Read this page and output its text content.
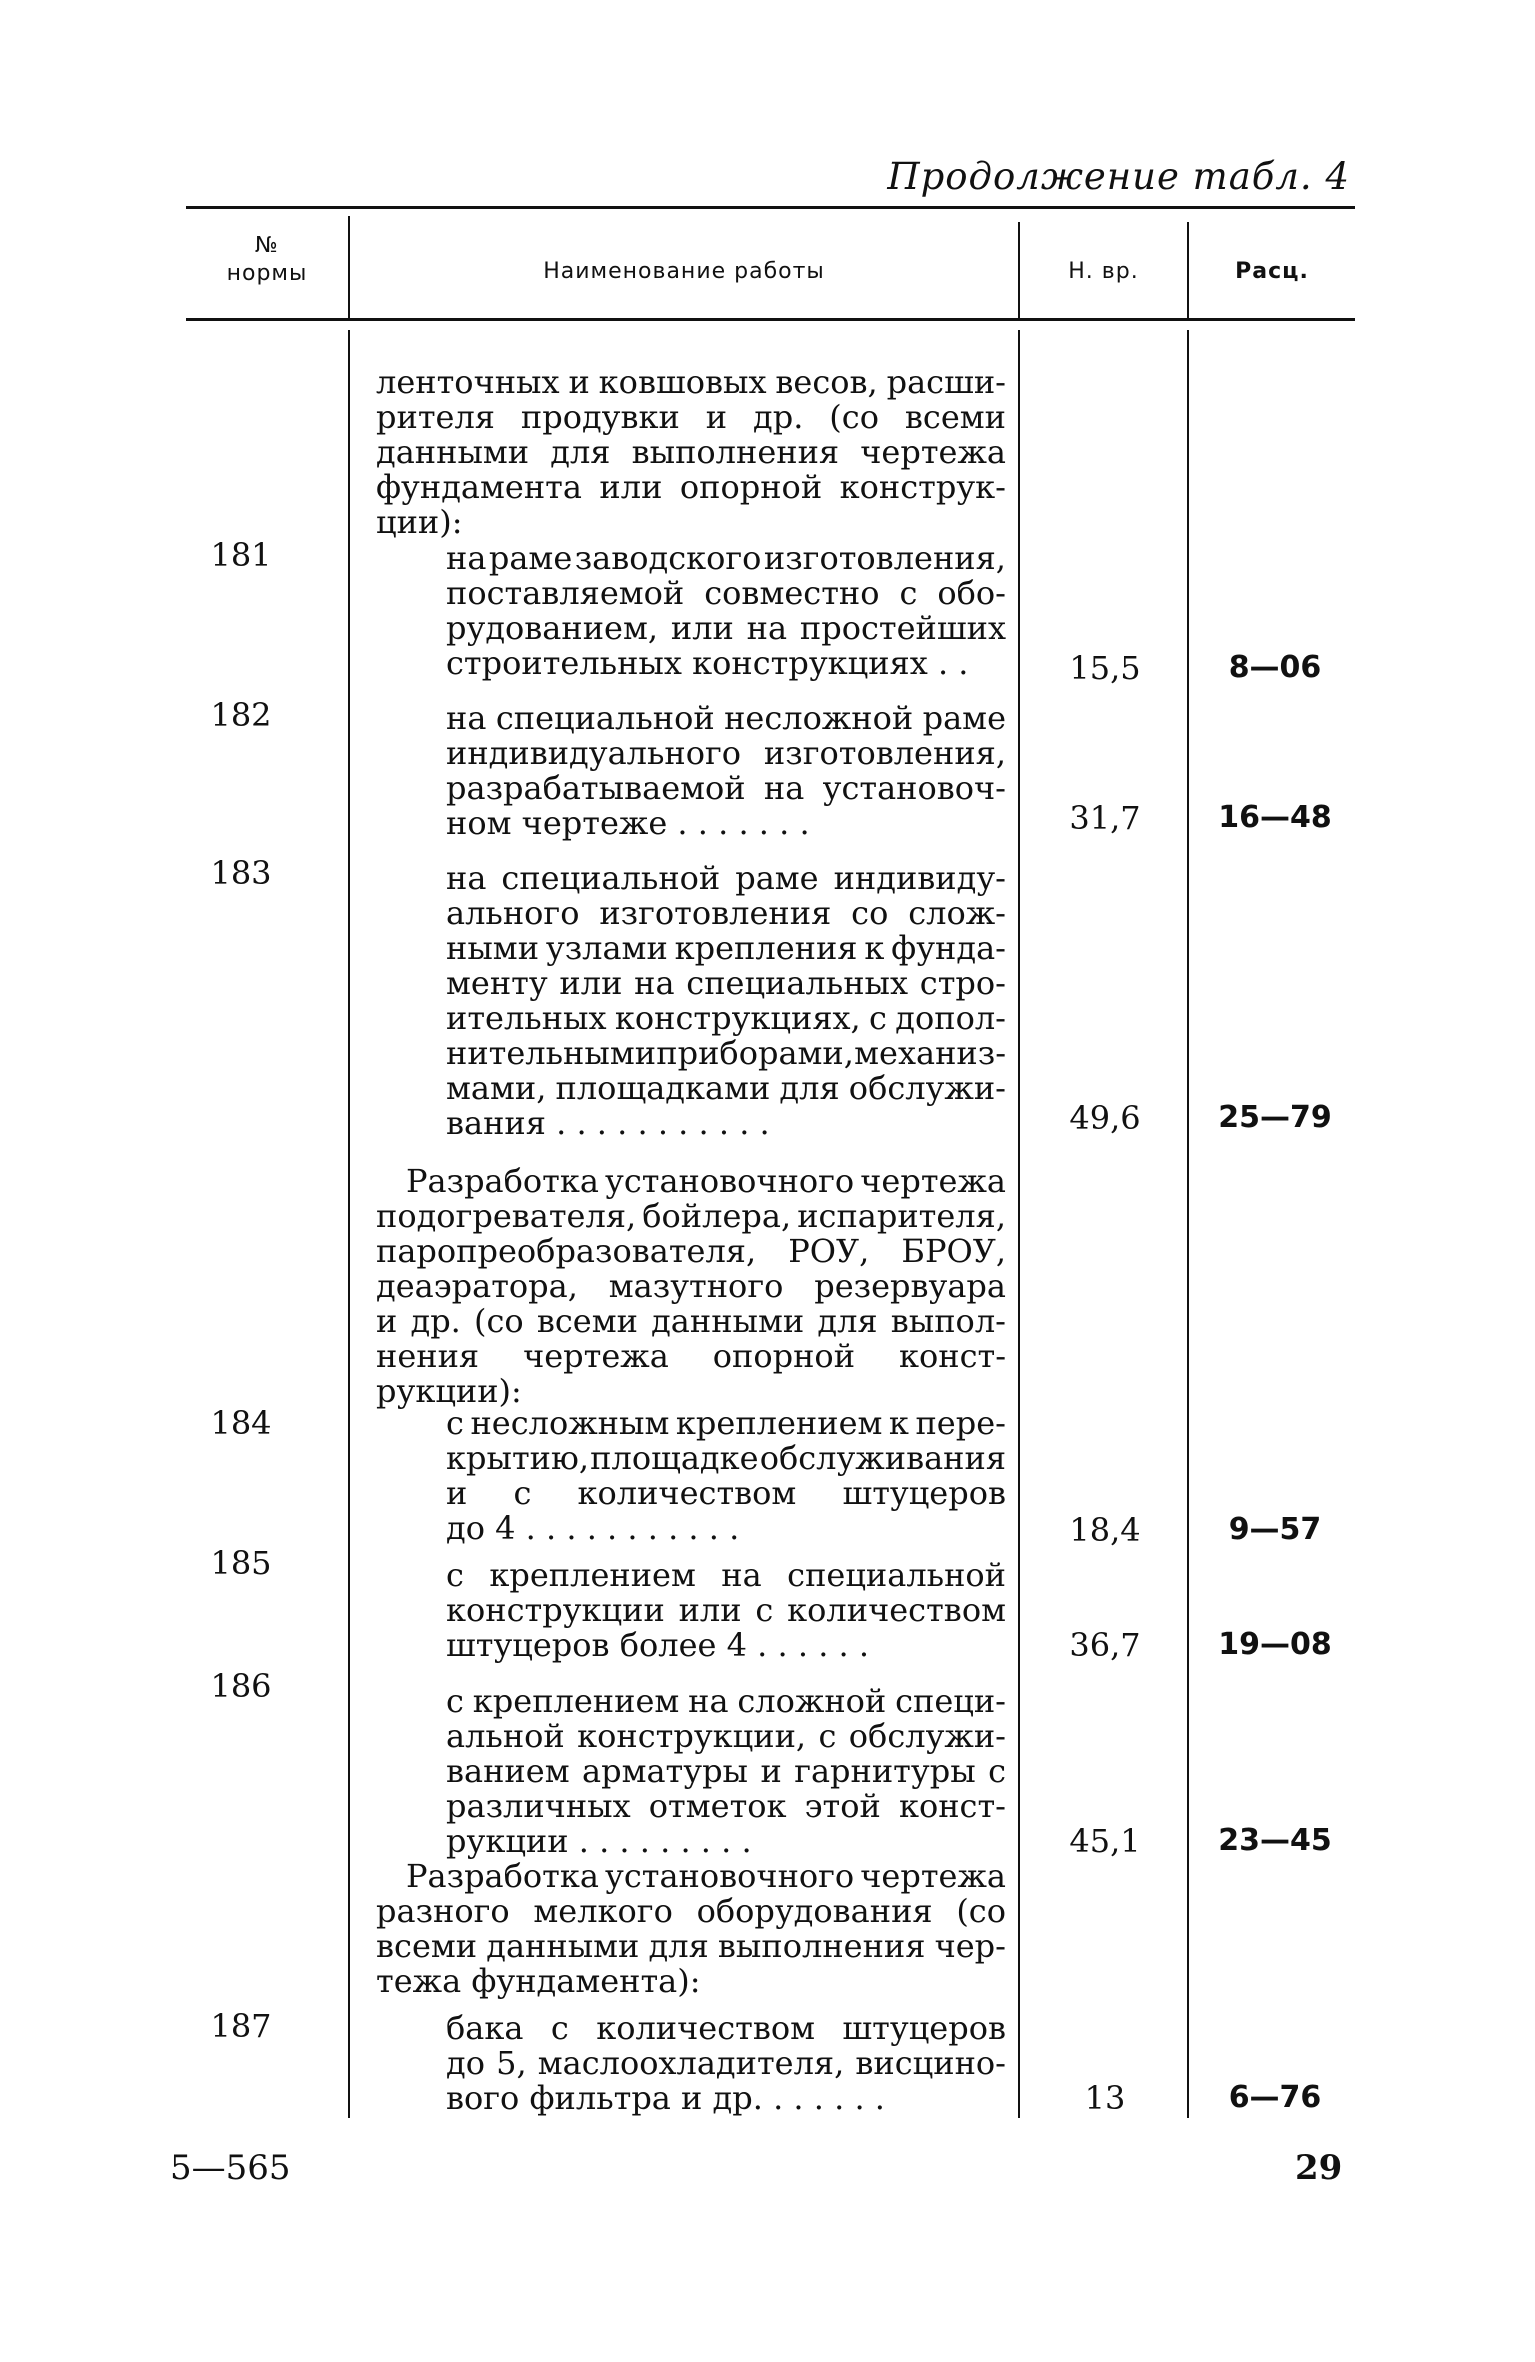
Продолжение табл. 4
№
нормы	Наименование работы	Н. вр.	Расц.
ленточных и ковшовых весов, расши-
рителя продувки и др. (со всеми
данными для выполнения чертежа
фундамента или опорной конструк-
ции):
181	на раме заводского изготовления,
поставляемой совместно с обо-
рудованием, или на простейших
строительных конструкциях . .	15,5	8—06
182	на специальной несложной раме
индивидуального изготовления,
разрабатываемой на установоч-
ном чертеже . . . . . . .	31,7	16—48
183	на специальной раме индивиду-
ального изготовления со слож-
ными узлами крепления к фунда-
менту или на специальных стро-
ительных конструкциях, с допол-
нительными приборами, механиз-
мами, площадками для обслужи-
вания . . . . . . . . . . .	49,6	25—79
Разработка установочного чертежа
подогревателя, бойлера, испарителя,
паропреобразователя, РОУ, БРОУ,
деаэратора, мазутного резервуара
и др. (со всеми данными для выпол-
нения чертежа опорной конст-
рукции):
184	с несложным креплением к пере-
крытию, площадке обслуживания
и с количеством штуцеров
до 4 . . . . . . . . . . .	18,4	9—57
185	с креплением на специальной
конструкции или с количеством
штуцеров более 4 . . . . . .	36,7	19—08
186	с креплением на сложной специ-
альной конструкции, с обслужи-
ванием арматуры и гарнитуры с
различных отметок этой конст-
рукции . . . . . . . . .	45,1	23—45
Разработка установочного чертежа
разного мелкого оборудования (со
всеми данными для выполнения чер-
тежа фундамента):
187	бака с количеством штуцеров
до 5, маслоохладителя, висцино-
вого фильтра и др. . . . . . .	13	6—76
5—565	29
